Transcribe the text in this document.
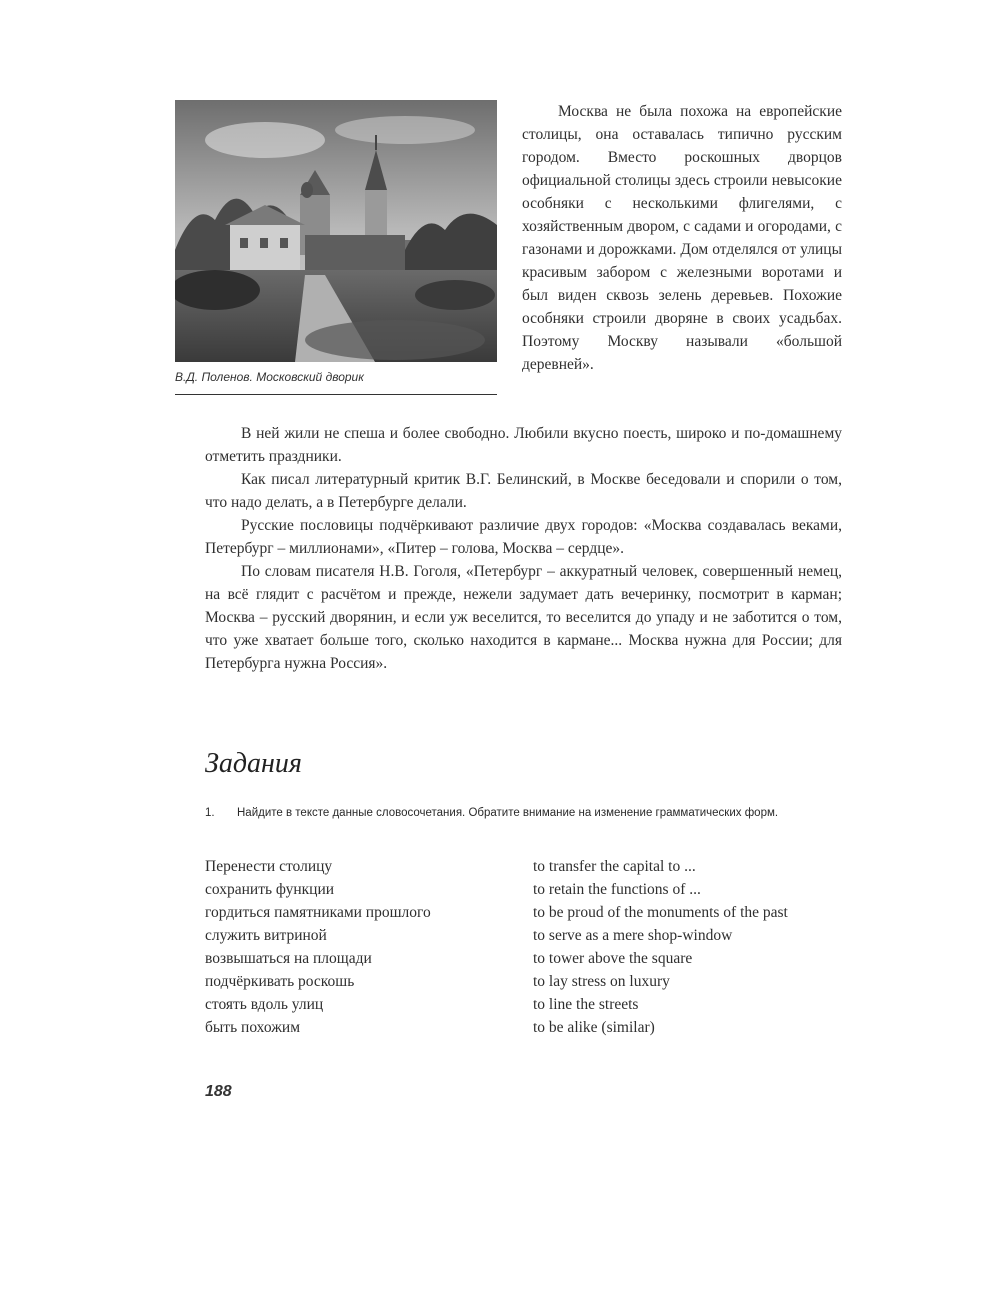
В.Д. Поленов. Московский дворик

Москва не была похожа на европейские столицы, она оставалась типично русским городом. Вместо роскошных дворцов официальной столицы здесь строили невысокие особняки с несколькими флигелями, с хозяйственным двором, с садами и огородами, с газонами и дорожками. Дом отделялся от улицы красивым забором с железными воротами и был виден сквозь зелень деревьев. Похожие особняки строили дворяне в своих усадьбах. Поэтому Москву называли «большой деревней».

В ней жили не спеша и более свободно. Любили вкусно поесть, широко и по-домашнему отметить праздники.

Как писал литературный критик В.Г. Белинский, в Москве беседовали и спорили о том, что надо делать, а в Петербурге делали.

Русские пословицы подчёркивают различие двух городов: «Москва создавалась веками, Петербург – миллионами», «Питер – голова, Москва – сердце».

По словам писателя Н.В. Гоголя, «Петербург – аккуратный человек, совершенный немец, на всё глядит с расчётом и прежде, нежели задумает дать вечеринку, посмотрит в карман; Москва – русский дворянин, и если уж веселится, то веселится до упаду и не заботится о том, что уже хватает больше того, сколько находится в кармане... Москва нужна для России; для Петербурга нужна Россия».

Задания
1.	Найдите в тексте данные словосочетания. Обратите внимание на изменение грамматических форм.
Перенести столицу	to transfer the capital to ...
сохранить функции	to retain the functions of ...
гордиться памятниками прошлого	to be proud of the monuments of the past
служить витриной	to serve as a mere shop-window
возвышаться на площади	to tower above the square
подчёркивать роскошь	to lay stress on luxury
стоять вдоль улиц	to line the streets
быть похожим	to be alike (similar)
188
